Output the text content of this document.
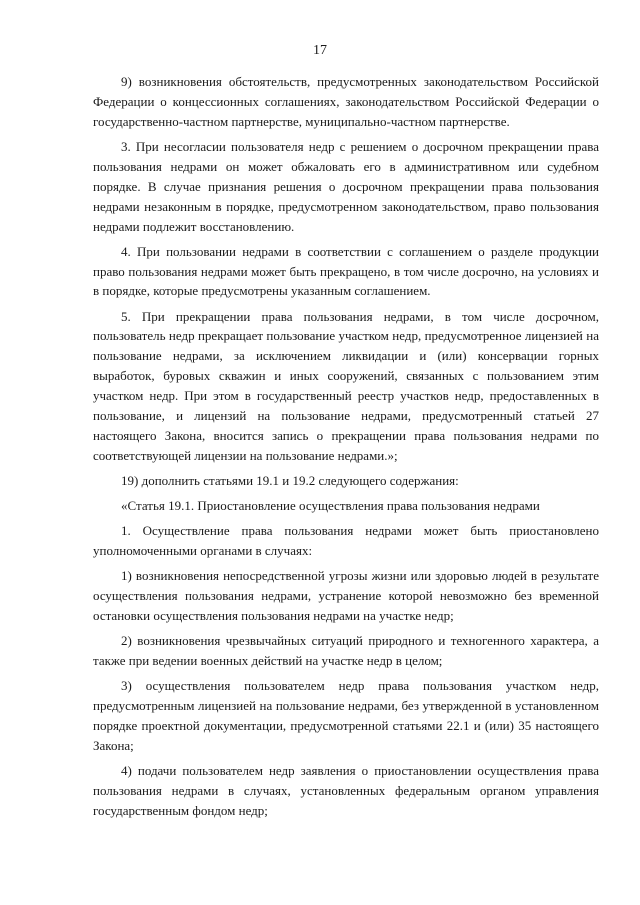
17

9) возникновения обстоятельств, предусмотренных законодательством Российской Федерации о концессионных соглашениях, законодательством Российской Федерации о государственно-частном партнерстве, муниципально-частном партнерстве.

3. При несогласии пользователя недр с решением о досрочном прекращении права пользования недрами он может обжаловать его в административном или судебном порядке. В случае признания решения о досрочном прекращении права пользования недрами незаконным в порядке, предусмотренном законодательством, право пользования недрами подлежит восстановлению.

4. При пользовании недрами в соответствии с соглашением о разделе продукции право пользования недрами может быть прекращено, в том числе досрочно, на условиях и в порядке, которые предусмотрены указанным соглашением.

5. При прекращении права пользования недрами, в том числе досрочном, пользователь недр прекращает пользование участком недр, предусмотренное лицензией на пользование недрами, за исключением ликвидации и (или) консервации горных выработок, буровых скважин и иных сооружений, связанных с пользованием этим участком недр. При этом в государственный реестр участков недр, предоставленных в пользование, и лицензий на пользование недрами, предусмотренный статьей 27 настоящего Закона, вносится запись о прекращении права пользования недрами по соответствующей лицензии на пользование недрами.»;

19) дополнить статьями 19.1 и 19.2 следующего содержания:

«Статья 19.1. Приостановление осуществления права пользования недрами

1. Осуществление права пользования недрами может быть приостановлено уполномоченными органами в случаях:

1) возникновения непосредственной угрозы жизни или здоровью людей в результате осуществления пользования недрами, устранение которой невозможно без временной остановки осуществления пользования недрами на участке недр;

2) возникновения чрезвычайных ситуаций природного и техногенного характера, а также при ведении военных действий на участке недр в целом;

3) осуществления пользователем недр права пользования участком недр, предусмотренным лицензией на пользование недрами, без утвержденной в установленном порядке проектной документации, предусмотренной статьями 22.1 и (или) 35 настоящего Закона;

4) подачи пользователем недр заявления о приостановлении осуществления права пользования недрами в случаях, установленных федеральным органом управления государственным фондом недр;
